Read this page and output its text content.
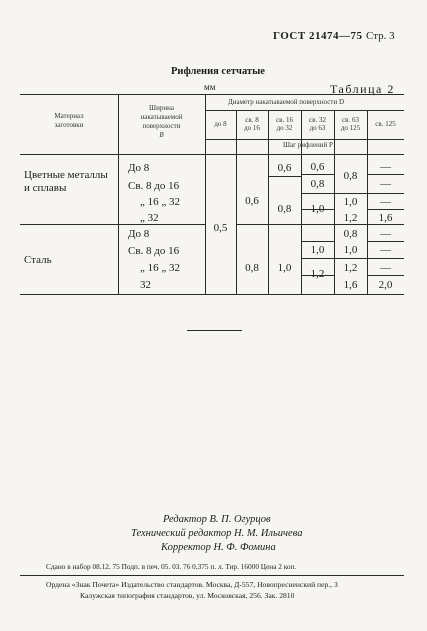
ГОСТ 21474—75 Стр. 3
Таблица 2
Рифления сетчатые
мм
Материал
заготовки
Ширина
накатываемой
поверхности
B
Диаметр накатываемой поверхности D
Шаг рифлений P
до 8	св. 8
до 16
св. 16
до 32
св. 32
до 63
св. 63
до 125	св. 125
Цветные металлы
и сплавы
Сталь
До 8
Св. 8 до 16
„ 16 „ 32
„ 32
До 8
Св. 8 до 16
„ 16 „ 32
32
0,5
0,6
0,8
0,6
0,8
1,0
0,6
0,8
1,0
1,0
1,2
0,8
1,0
1,2
0,8
1,0
1,2
1,6
—
—
—
1,6
—
—
—
2,0
Редактор В. П. Огурцов
Технический редактор Н. М. Ильичева
Корректор Н. Ф. Фомина
Сдано в набор 08.12. 75 Подп. в печ. 05. 03. 76 0,375 п. л. Тир. 16000 Цена 2 коп.
Ордена «Знак Почета» Издательство стандартов. Москва, Д-557, Новопресненский пер., 3
Калужская типография стандартов, ул. Московская, 256. Зак. 2810
